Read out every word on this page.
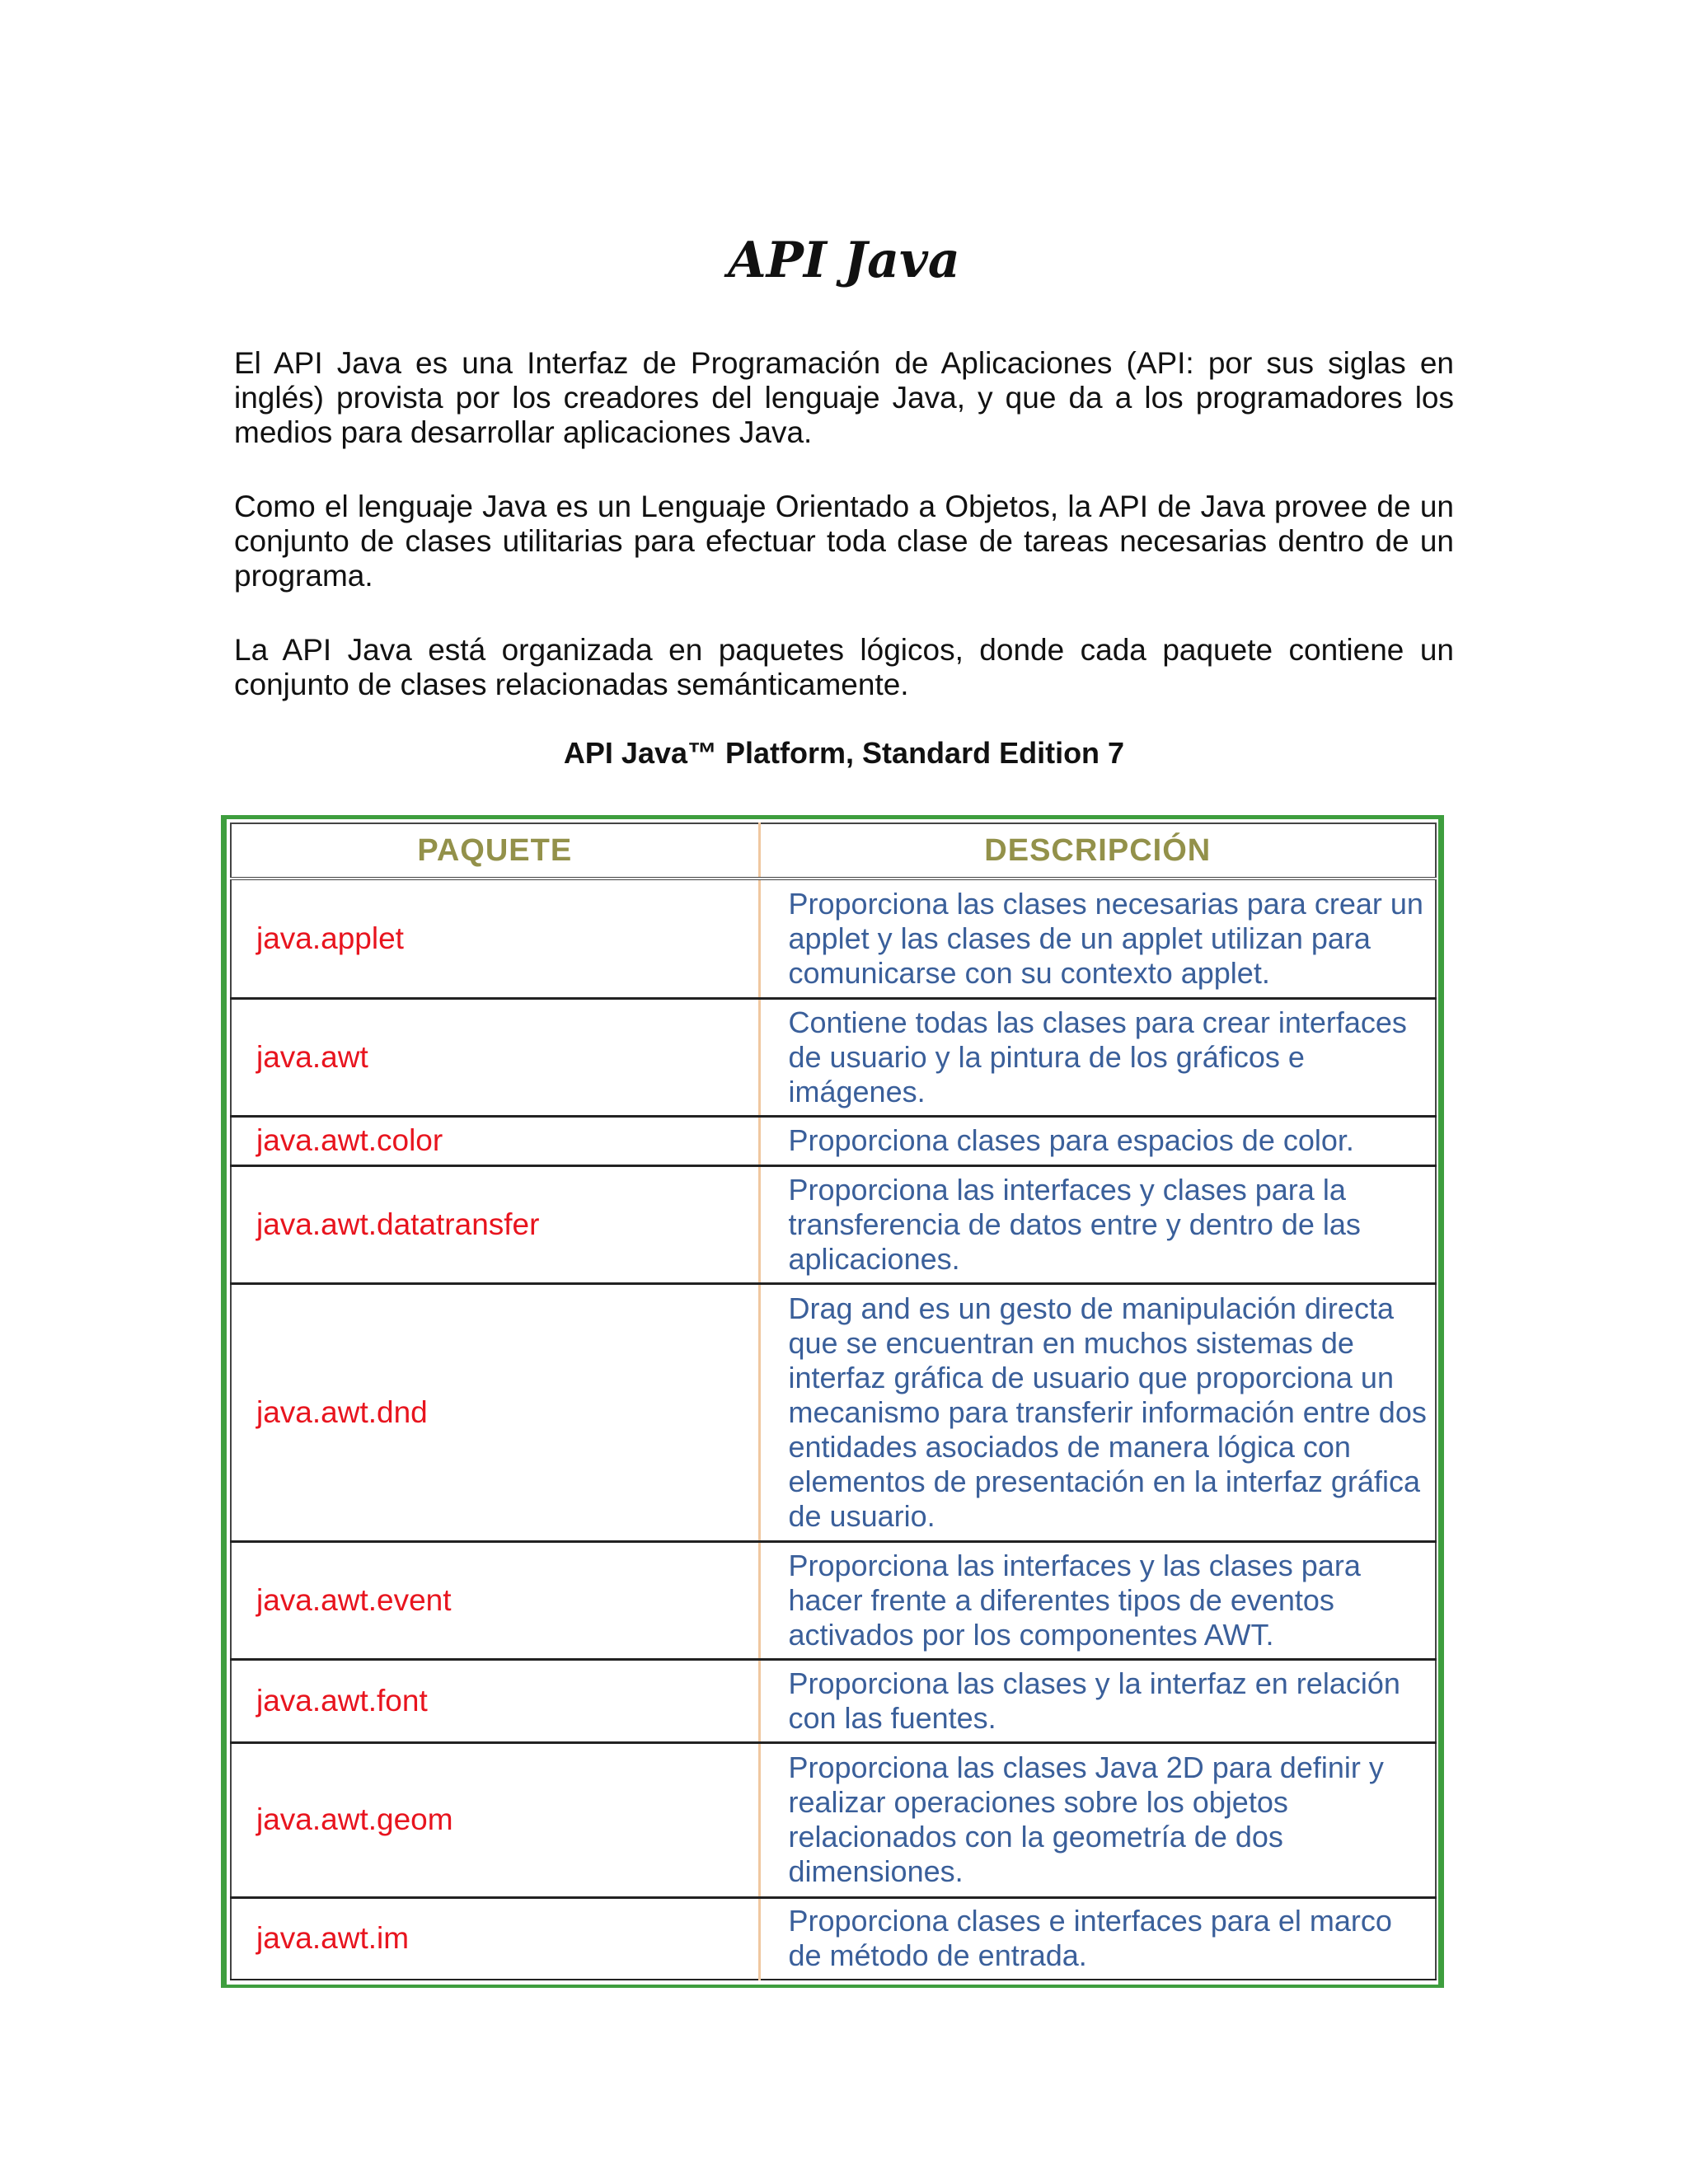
API Java

El API Java es una Interfaz de Programación de Aplicaciones (API: por sus siglas en inglés) provista por los creadores del lenguaje Java, y que da a los programadores los medios para desarrollar aplicaciones Java.

Como el lenguaje Java es un Lenguaje Orientado a Objetos, la API de Java provee de un conjunto de clases utilitarias para efectuar toda clase de tareas necesarias dentro de un programa.

La API Java está organizada en paquetes lógicos, donde cada paquete contiene un conjunto de clases relacionadas semánticamente.

API Java™ Platform, Standard Edition 7

PAQUETE	DESCRIPCIÓN
java.applet	Proporciona las clases necesarias para crear un applet y las clases de un applet utilizan para comunicarse con su contexto applet.
java.awt	Contiene todas las clases para crear interfaces de usuario y la pintura de los gráficos e imágenes.
java.awt.color	Proporciona clases para espacios de color.
java.awt.datatransfer	Proporciona las interfaces y clases para la transferencia de datos entre y dentro de las aplicaciones.
java.awt.dnd	Drag and es un gesto de manipulación directa que se encuentran en muchos sistemas de interfaz gráfica de usuario que proporciona un mecanismo para transferir información entre dos entidades asociados de manera lógica con elementos de presentación en la interfaz gráfica de usuario.
java.awt.event	Proporciona las interfaces y las clases para hacer frente a diferentes tipos de eventos activados por los componentes AWT.
java.awt.font	Proporciona las clases y la interfaz en relación con las fuentes.
java.awt.geom	Proporciona las clases Java 2D para definir y realizar operaciones sobre los objetos relacionados con la geometría de dos dimensiones.
java.awt.im	Proporciona clases e interfaces para el marco de método de entrada.
